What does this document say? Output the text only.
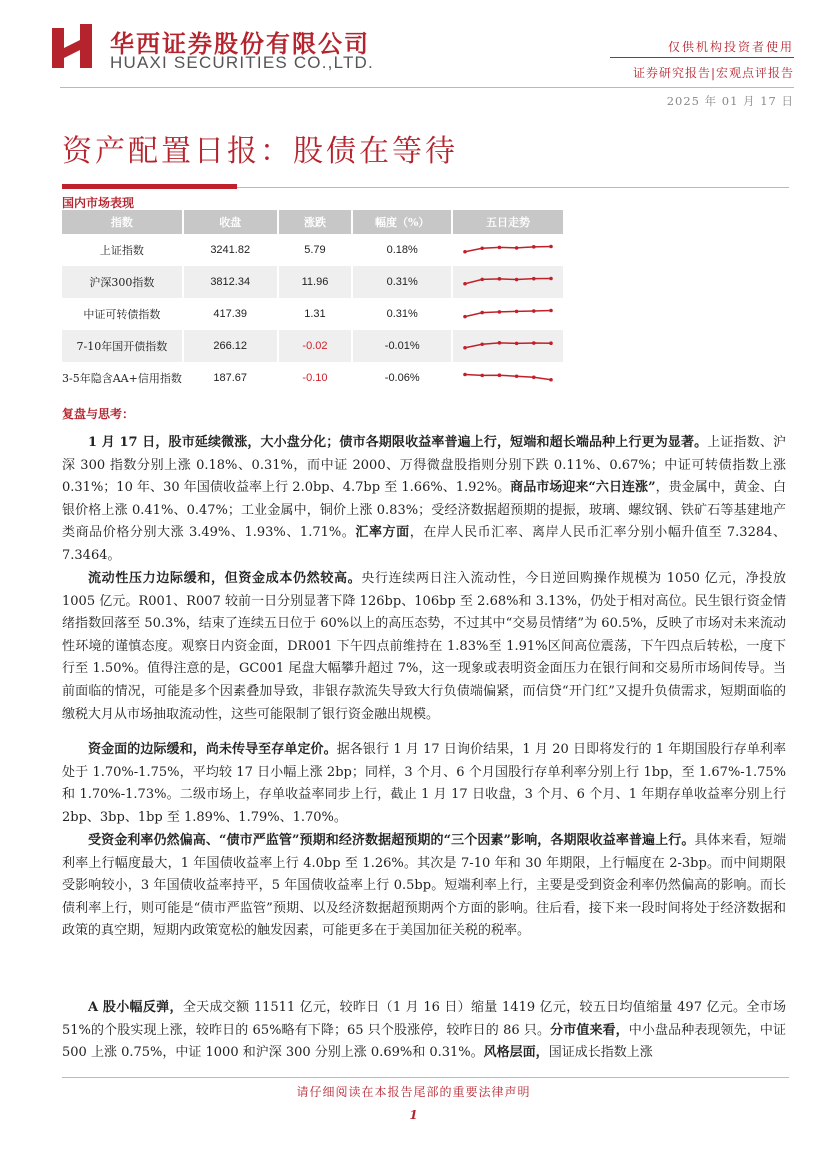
华西证券股份有限公司
HUAXI SECURITIES CO.,LTD.
仅供机构投资者使用
证券研究报告|宏观点评报告
2025 年 01 月 17 日
资产配置日报：股债在等待
国内市场表现
指数	收盘	涨跌	幅度（%）	五日走势
上证指数	3241.82	5.79	0.18%	

沪深300指数	3812.34	11.96	0.31%	

中证可转债指数	417.39	1.31	0.31%	

7-10年国开债指数	266.12	-0.02	-0.01%	

3-5年隐含AA+信用指数	187.67	-0.10	-0.06%	
复盘与思考：
1 月 17 日，股市延续微涨，大小盘分化；债市各期限收益率普遍上行，短端和超长端品种上行更为显著。上证指数、沪深 300 指数分别上涨 0.18%、0.31%，而中证 2000、万得微盘股指则分别下跌 0.11%、0.67%；中证可转债指数上涨 0.31%；10 年、30 年国债收益率上行 2.0bp、4.7bp 至 1.66%、1.92%。商品市场迎来“六日连涨”，贵金属中，黄金、白银价格上涨 0.41%、0.47%；工业金属中，铜价上涨 0.83%；受经济数据超预期的提振，玻璃、螺纹钢、铁矿石等基建地产类商品价格分别大涨 3.49%、1.93%、1.71%。汇率方面，在岸人民币汇率、离岸人民币汇率分别小幅升值至 7.3284、7.3464。
流动性压力边际缓和，但资金成本仍然较高。央行连续两日注入流动性，今日逆回购操作规模为 1050 亿元，净投放 1005 亿元。R001、R007 较前一日分别显著下降 126bp、106bp 至 2.68%和 3.13%，仍处于相对高位。民生银行资金情绪指数回落至 50.3%，结束了连续五日位于 60%以上的高压态势，不过其中“交易员情绪”为 60.5%，反映了市场对未来流动性环境的谨慎态度。观察日内资金面，DR001 下午四点前维持在 1.83%至 1.91%区间高位震荡，下午四点后转松，一度下行至 1.50%。值得注意的是，GC001 尾盘大幅攀升超过 7%，这一现象或表明资金面压力在银行间和交易所市场间传导。当前面临的情况，可能是多个因素叠加导致，非银存款流失导致大行负债端偏紧，而信贷“开门红”又提升负债需求，短期面临的缴税大月从市场抽取流动性，这些可能限制了银行资金融出规模。
资金面的边际缓和，尚未传导至存单定价。据各银行 1 月 17 日询价结果，1 月 20 日即将发行的 1 年期国股行存单利率处于 1.70%-1.75%，平均较 17 日小幅上涨 2bp；同样，3 个月、6 个月国股行存单利率分别上行 1bp，至 1.67%-1.75%和 1.70%-1.73%。二级市场上，存单收益率同步上行，截止 1 月 17 日收盘，3 个月、6 个月、1 年期存单收益率分别上行 2bp、3bp、1bp 至 1.89%、1.79%、1.70%。
受资金利率仍然偏高、“债市严监管”预期和经济数据超预期的“三个因素”影响，各期限收益率普遍上行。具体来看，短端利率上行幅度最大，1 年国债收益率上行 4.0bp 至 1.26%。其次是 7-10 年和 30 年期限，上行幅度在 2-3bp。而中间期限受影响较小，3 年国债收益率持平，5 年国债收益率上行 0.5bp。短端利率上行，主要是受到资金利率仍然偏高的影响。而长债利率上行，则可能是“债市严监管”预期、以及经济数据超预期两个方面的影响。往后看，接下来一段时间将处于经济数据和政策的真空期，短期内政策宽松的触发因素，可能更多在于美国加征关税的税率。
A 股小幅反弹，全天成交额 11511 亿元，较昨日（1 月 16 日）缩量 1419 亿元，较五日均值缩量 497 亿元。全市场 51%的个股实现上涨，较昨日的 65%略有下降；65 只个股涨停，较昨日的 86 只。分市值来看，中小盘品种表现领先，中证 500 上涨 0.75%，中证 1000 和沪深 300 分别上涨 0.69%和 0.31%。风格层面，国证成长指数上涨
请仔细阅读在本报告尾部的重要法律声明
1
